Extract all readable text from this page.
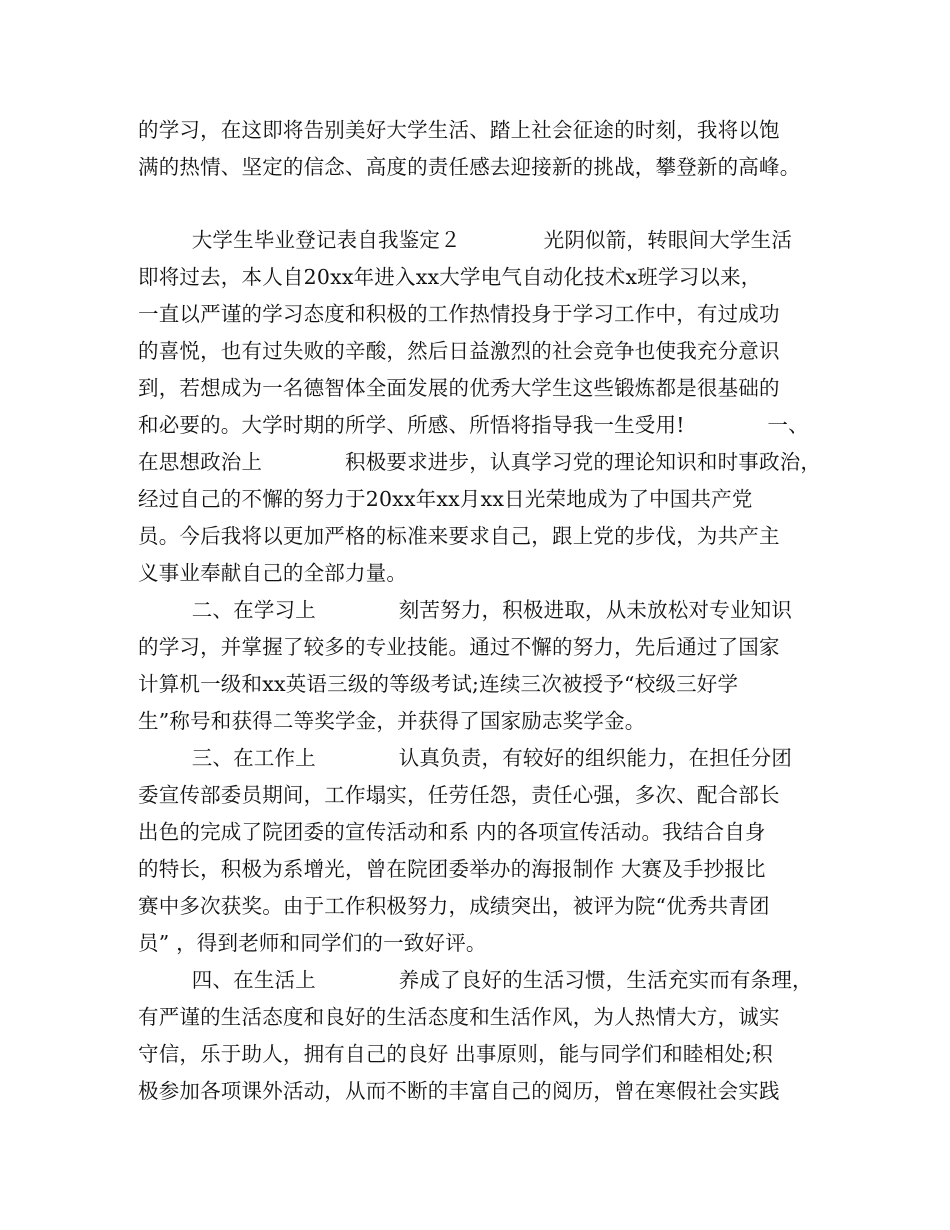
的学习，在这即将告别美好大学生活、踏上社会征途的时刻，我将以饱
满的热情、坚定的信念、高度的责任感去迎接新的挑战，攀登新的高峰。
大学生毕业登记表自我鉴定２　　　　光阴似箭，转眼间大学生活
即将过去，本人自20xx年进入xx大学电气自动化技术x班学习以来，
一直以严谨的学习态度和积极的工作热情投身于学习工作中，有过成功
的喜悦，也有过失败的辛酸，然后日益激烈的社会竞争也使我充分意识
到，若想成为一名德智体全面发展的优秀大学生这些锻炼都是很基础的
和必要的。大学时期的所学、所感、所悟将指导我一生受用!　　　　一、
在思想政治上　　　　积极要求进步，认真学习党的理论知识和时事政治，
经过自己的不懈的努力于20xx年xx月xx日光荣地成为了中国共产党
员。今后我将以更加严格的标准来要求自己，跟上党的步伐，为共产主
义事业奉献自己的全部力量。
二、在学习上　　　　刻苦努力，积极进取，从未放松对专业知识
的学习，并掌握了较多的专业技能。通过不懈的努力，先后通过了国家
计算机一级和xx英语三级的等级考试;连续三次被授予“校级三好学
生”称号和获得二等奖学金，并获得了国家励志奖学金。
三、在工作上　　　　认真负责，有较好的组织能力，在担任分团
委宣传部委员期间，工作塌实，任劳任怨，责任心强，多次、配合部长
出色的完成了院团委的宣传活动和系 内的各项宣传活动。我结合自身
的特长，积极为系增光，曾在院团委举办的海报制作 大赛及手抄报比
赛中多次获奖。由于工作积极努力，成绩突出，被评为院“优秀共青团
员” ，得到老师和同学们的一致好评。
四、在生活上　　　　养成了良好的生活习惯，生活充实而有条理，
有严谨的生活态度和良好的生活态度和生活作风，为人热情大方，诚实
守信，乐于助人，拥有自己的良好 出事原则，能与同学们和睦相处;积
极参加各项课外活动，从而不断的丰富自己的阅历，曾在寒假社会实践
